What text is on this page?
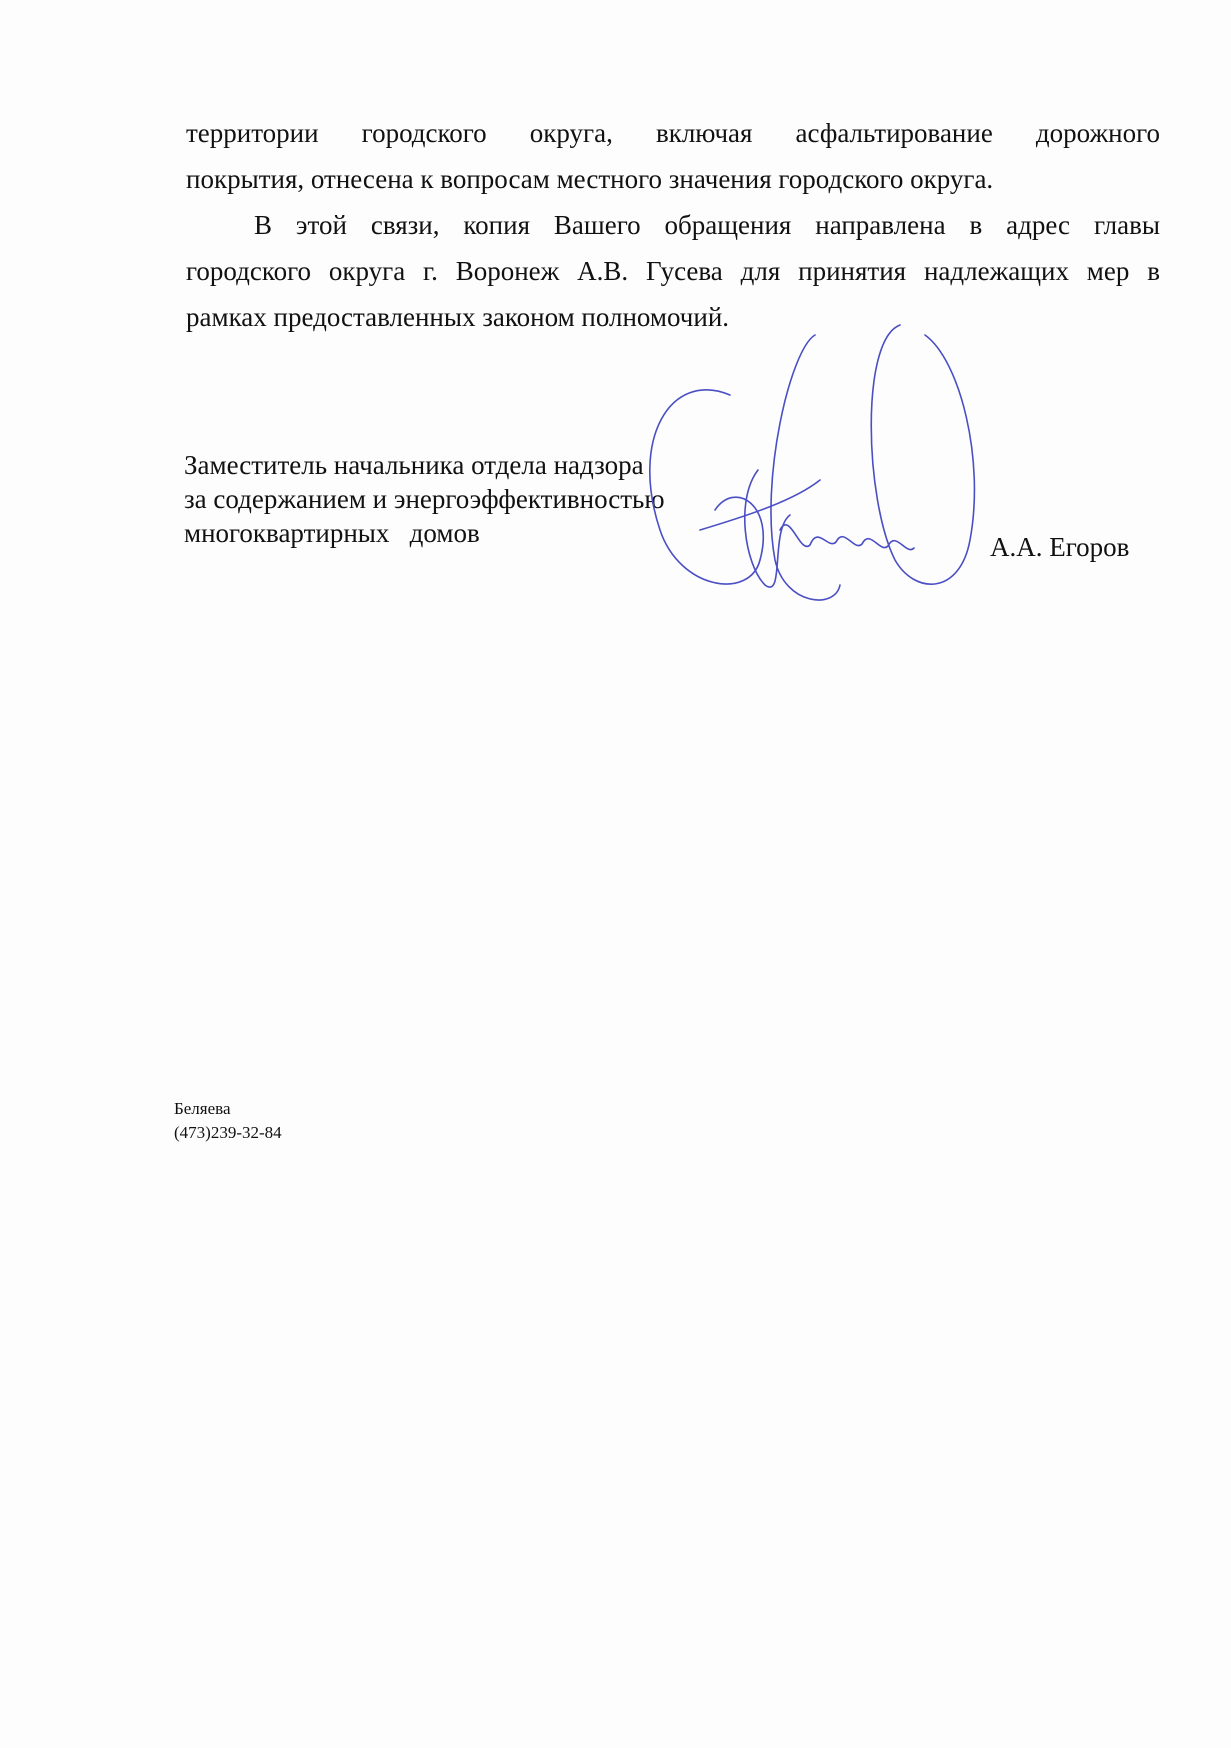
территории городского округа, включая асфальтирование дорожного
покрытия, отнесена к вопросам местного значения городского округа.
В этой связи, копия Вашего обращения направлена в адрес главы
городского округа г. Воронеж А.В. Гусева для принятия надлежащих мер в
рамках предоставленных законом полномочий.
Заместитель начальника отдела надзора
за содержанием и энергоэффективностью
многоквартирных   домов	А.А. Егоров
Беляева
(473)239-32-84
